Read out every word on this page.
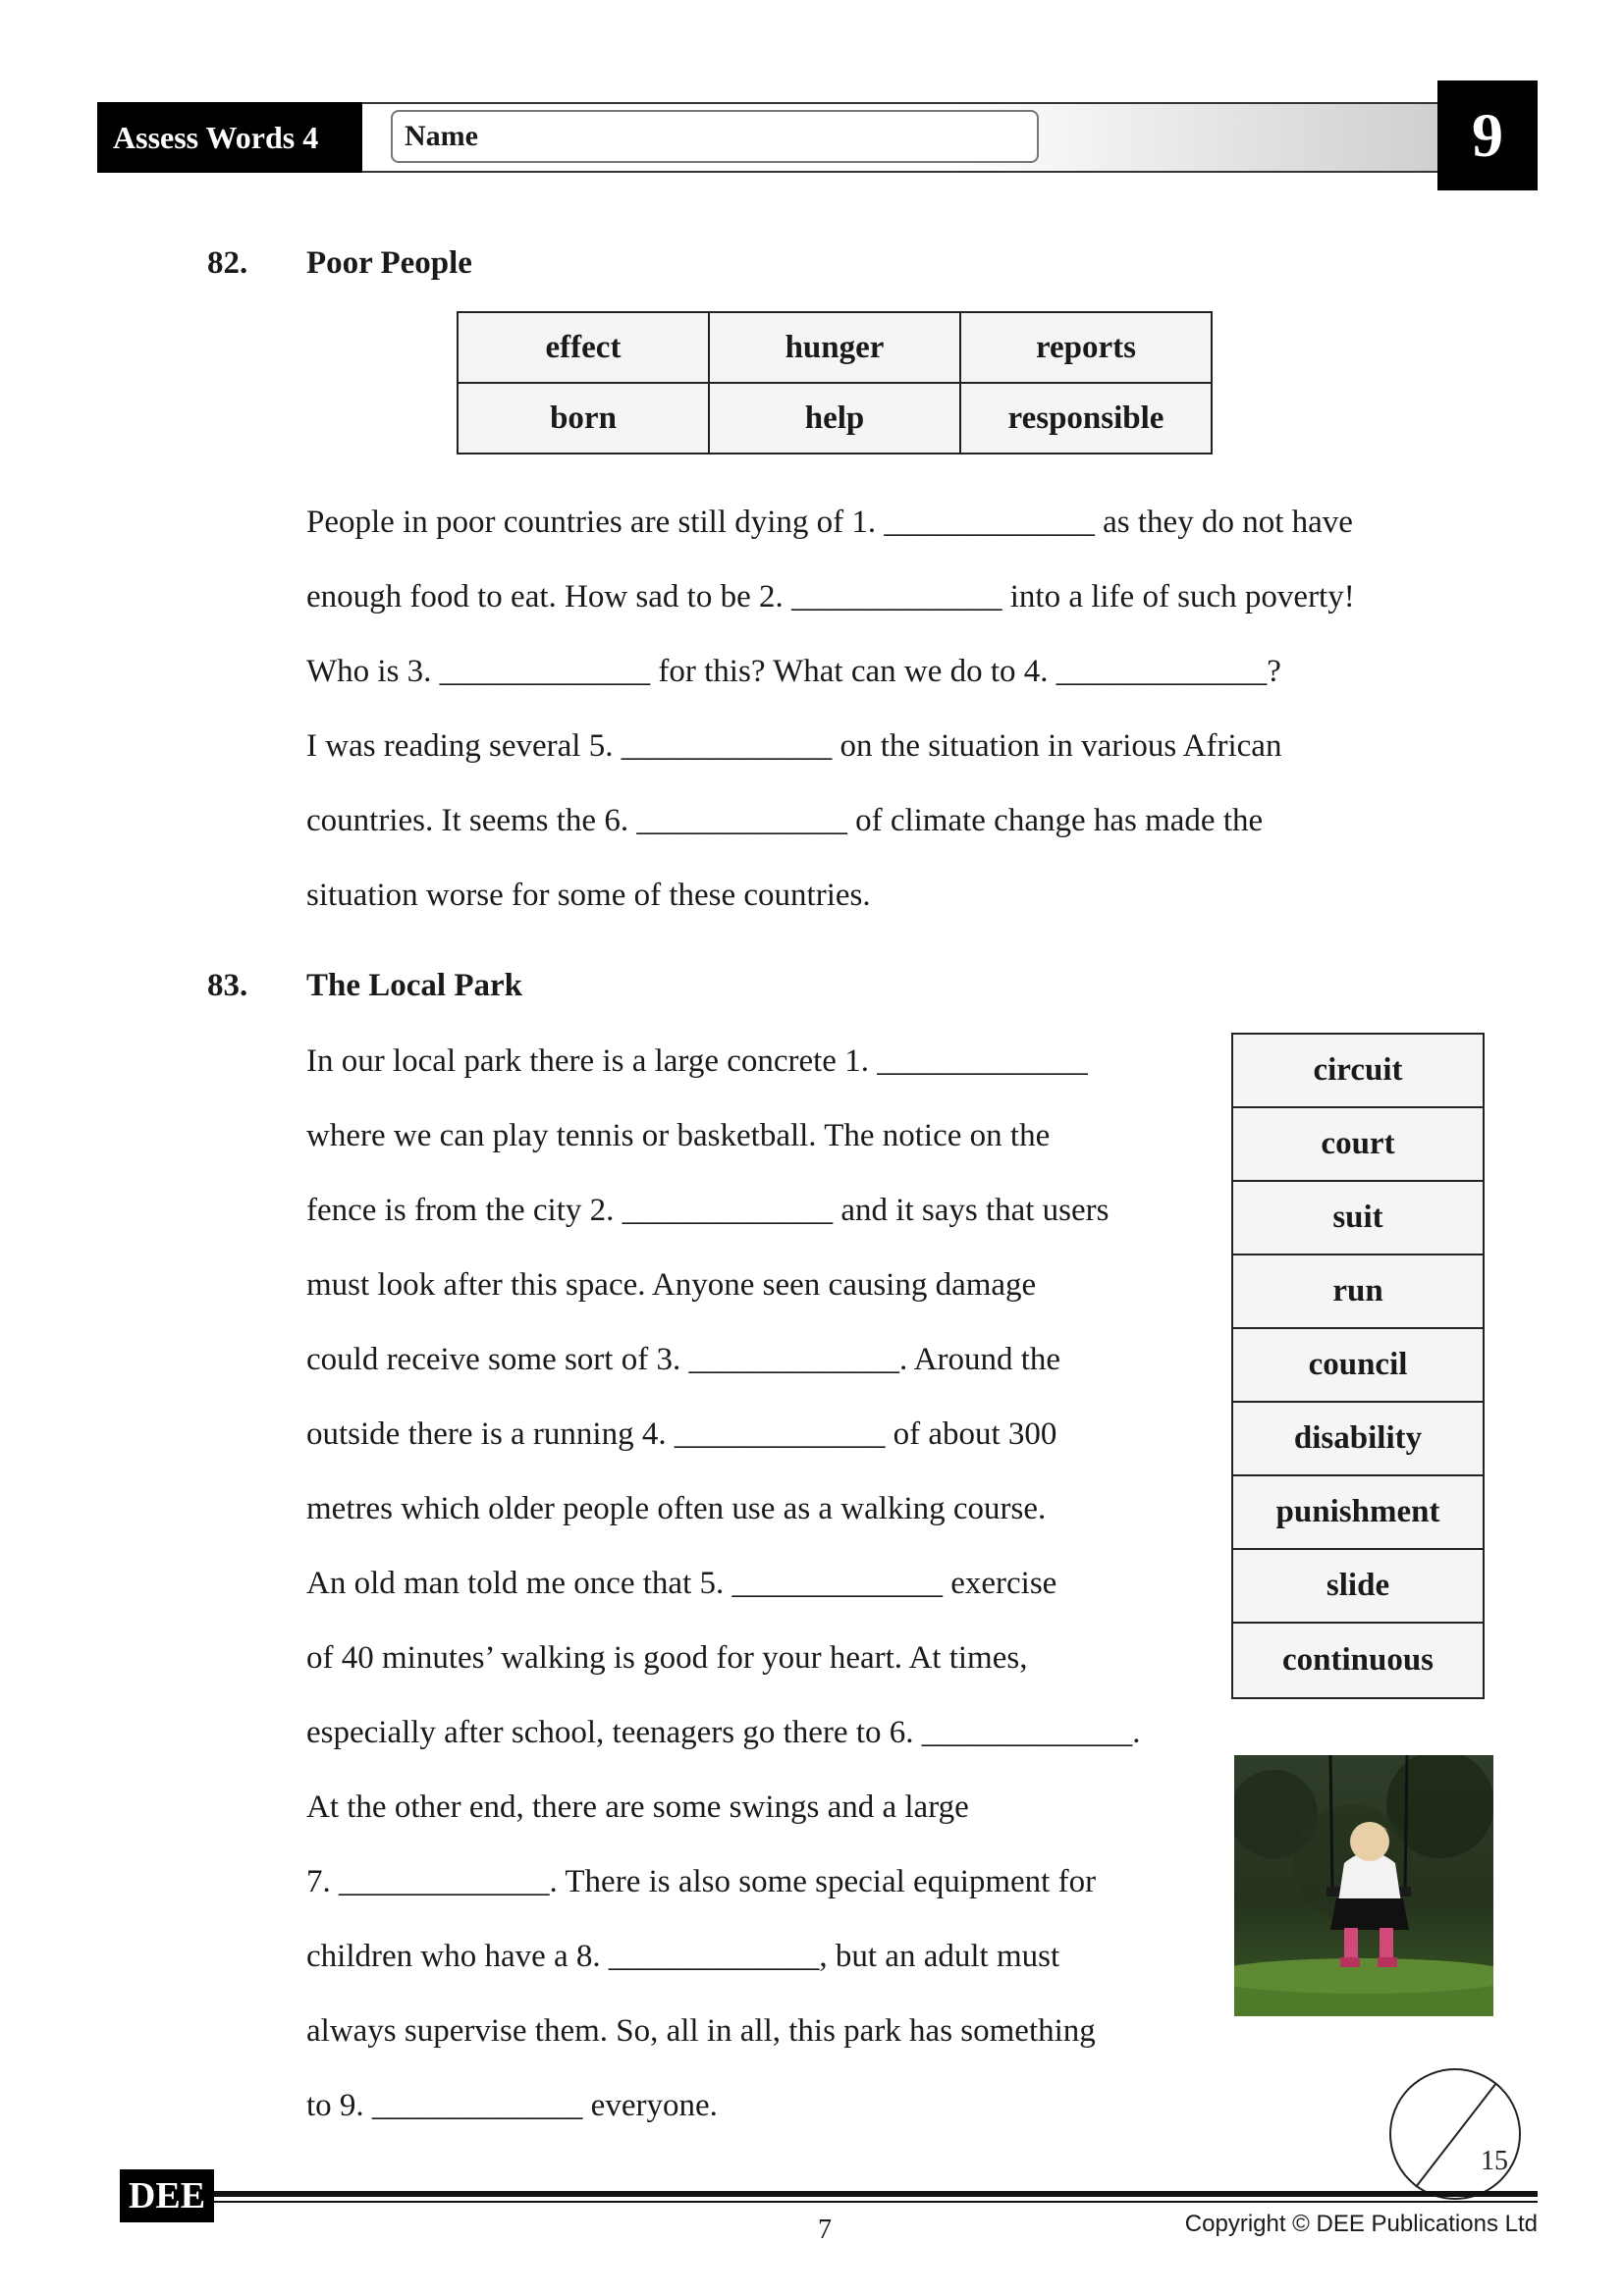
Assess Words 4	Name	9
82. Poor People
effect	hunger	reports
born	help	responsible
People in poor countries are still dying of 1. _____________ as they do not have
enough food to eat. How sad to be 2. _____________ into a life of such poverty!
Who is 3. _____________ for this? What can we do to 4. _____________?
I was reading several 5. _____________ on the situation in various African
countries. It seems the 6. _____________ of climate change has made the
situation worse for some of these countries.
83. The Local Park
In our local park there is a large concrete 1. _____________
where we can play tennis or basketball. The notice on the
fence is from the city 2. _____________ and it says that users
must look after this space. Anyone seen causing damage
could receive some sort of 3. _____________. Around the
outside there is a running 4. _____________ of about 300
metres which older people often use as a walking course.
An old man told me once that 5. _____________ exercise
of 40 minutes’ walking is good for your heart. At times,
especially after school, teenagers go there to 6. _____________.
At the other end, there are some swings and a large
7. _____________. There is also some special equipment for
children who have a 8. _____________, but an adult must
always supervise them. So, all in all, this park has something
to 9. _____________ everyone.
circuit
court
suit
run
council
disability
punishment
slide
continuous
15
DEE
7	Copyright © DEE Publications Ltd
